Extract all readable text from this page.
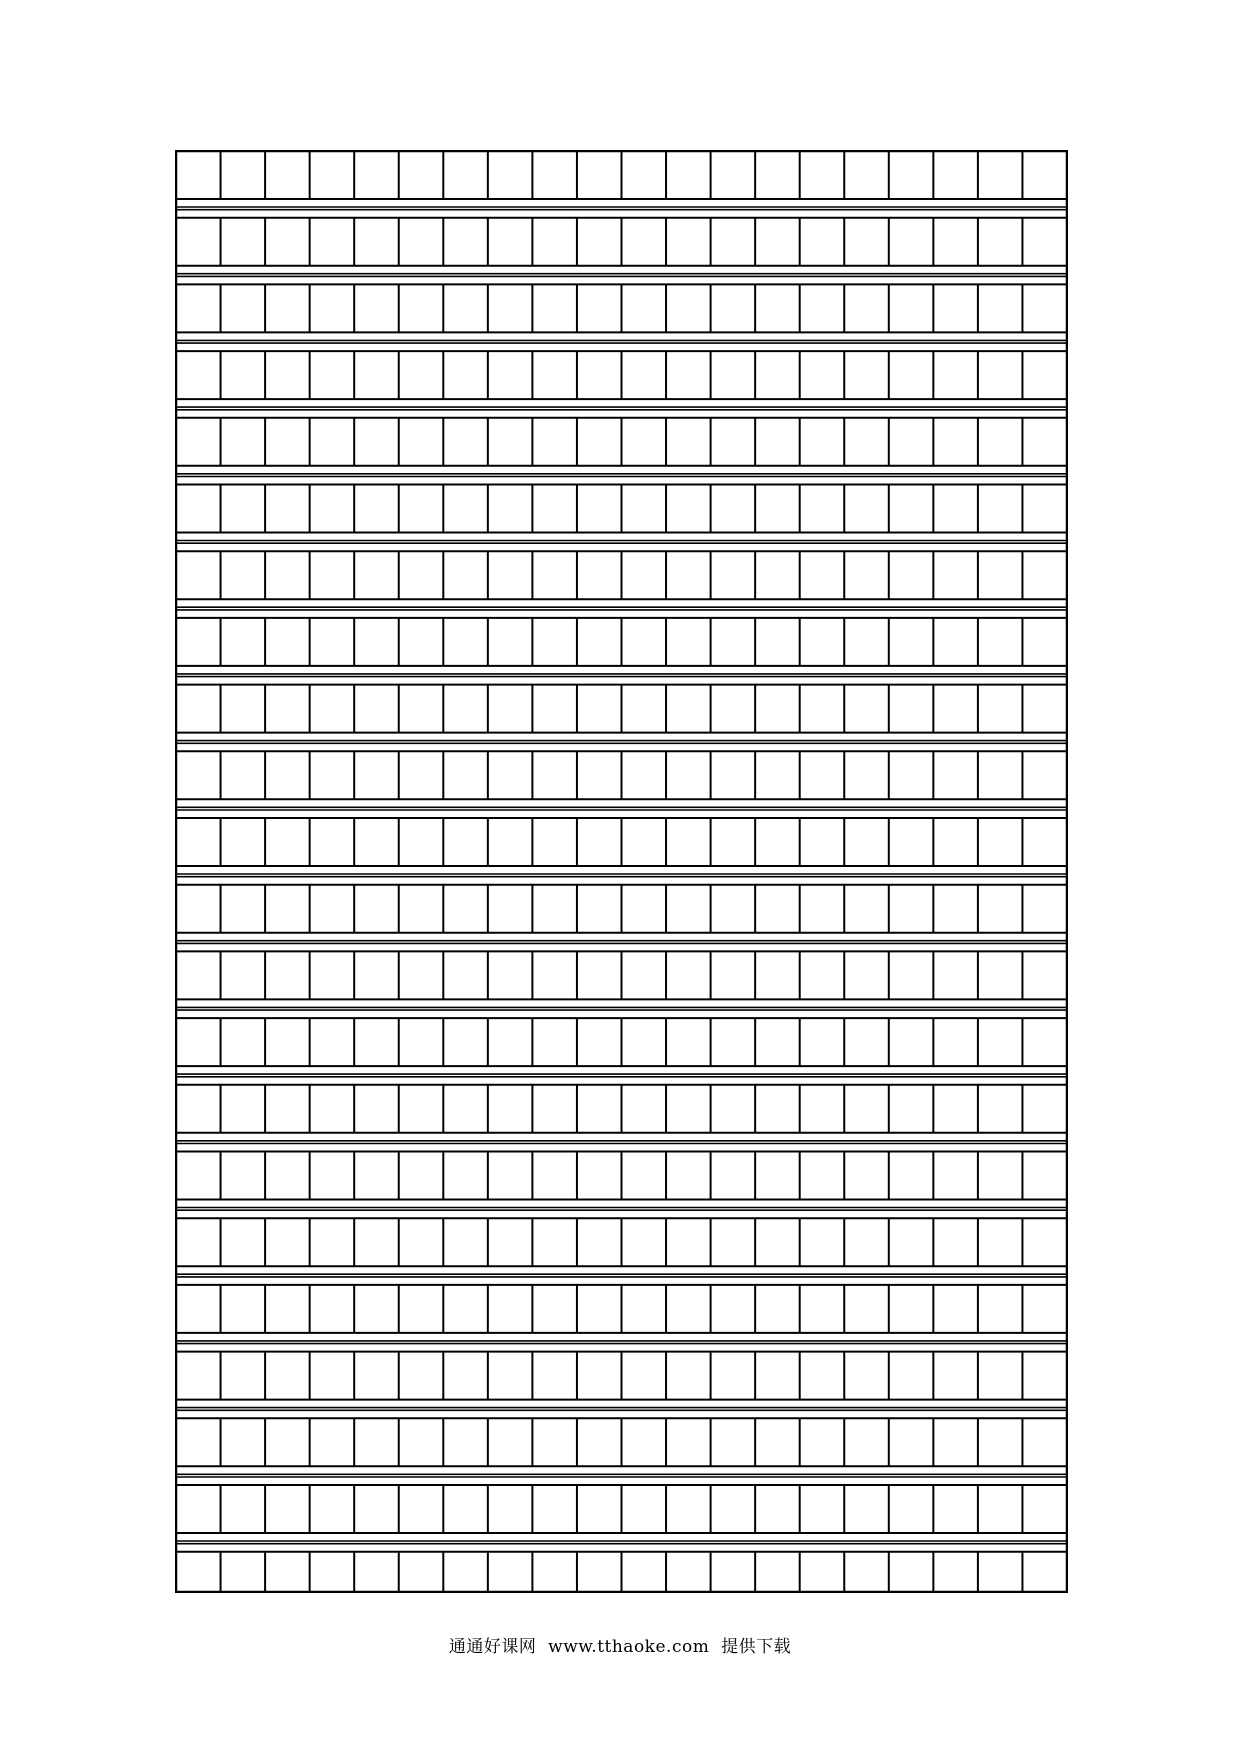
通通好课网 www.tthaoke.com 提供下载
